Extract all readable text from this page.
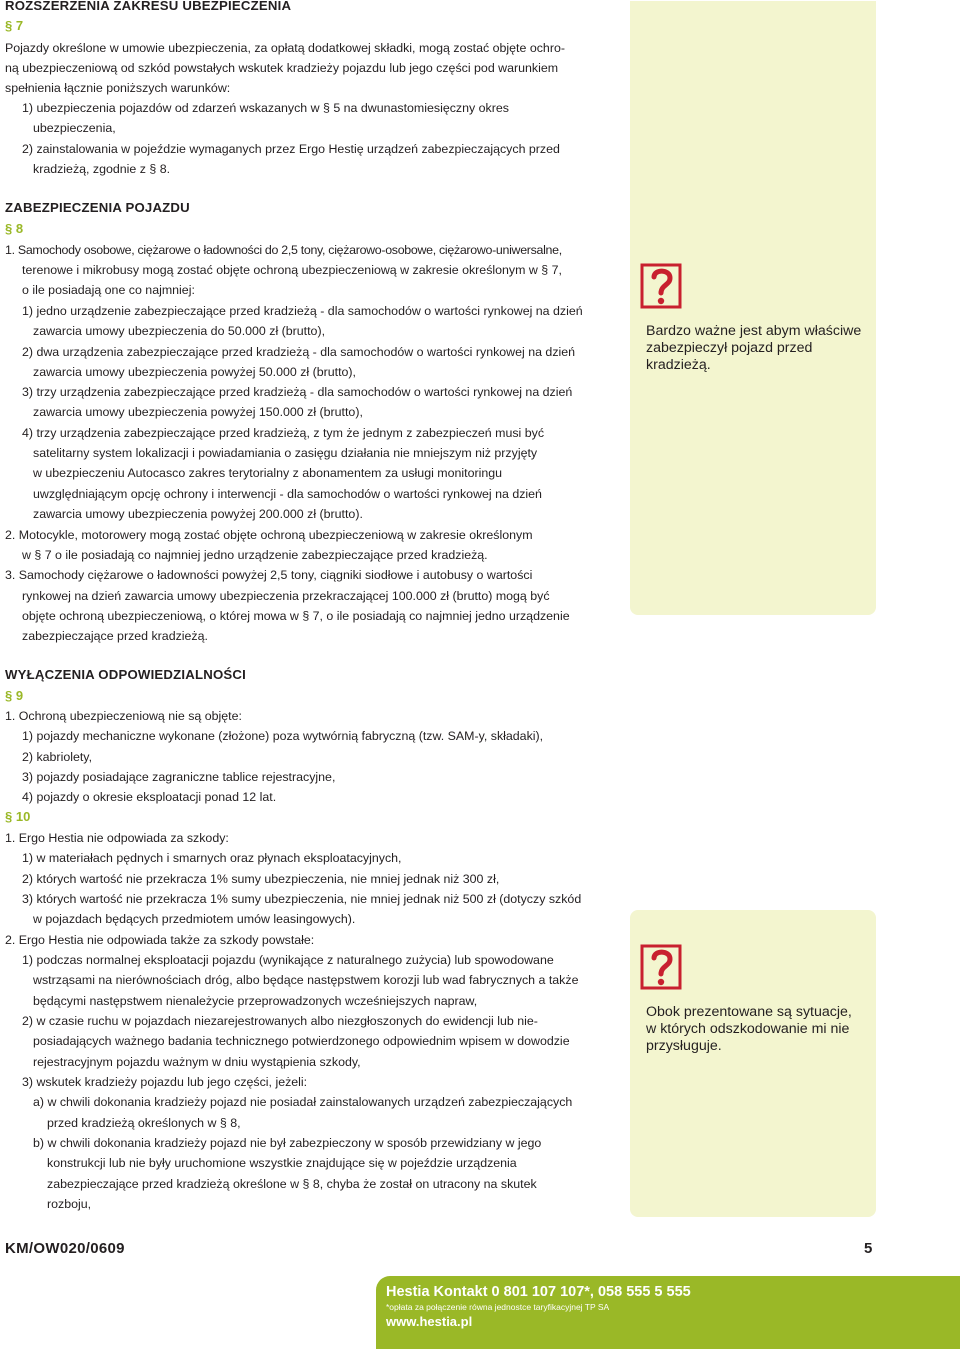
Bardzo ważne jest abym właściwe zabezpieczył pojazd przed kradzieżą.
Obok prezentowane są sytuacje, w których odszkodowanie mi nie przysługuje.
ROZSZERZENIA ZAKRESU UBEZPIECZENIA
§ 7
Pojazdy określone w umowie ubezpieczenia, za opłatą dodatkowej składki, mogą zostać objęte ochro-
ną ubezpieczeniową od szkód powstałych wskutek kradzieży pojazdu lub jego części pod warunkiem
spełnienia łącznie poniższych warunków:
1) ubezpieczenia pojazdów od zdarzeń wskazanych w § 5 na dwunastomiesięczny okres
ubezpieczenia,
2) zainstalowania w pojeździe wymaganych przez Ergo Hestię urządzeń zabezpieczających przed
kradzieżą, zgodnie z § 8.
ZABEZPIECZENIA POJAZDU
§ 8
1. Samochody osobowe, ciężarowe o ładowności do 2,5 tony, ciężarowo-osobowe, ciężarowo-uniwersalne,
terenowe i mikrobusy mogą zostać objęte ochroną ubezpieczeniową w zakresie określonym w § 7,
o ile posiadają one co najmniej:
1) jedno urządzenie zabezpieczające przed kradzieżą - dla samochodów o wartości rynkowej na dzień
zawarcia umowy ubezpieczenia do 50.000 zł (brutto),
2) dwa urządzenia zabezpieczające przed kradzieżą - dla samochodów o wartości rynkowej na dzień
zawarcia umowy ubezpieczenia powyżej 50.000 zł (brutto),
3) trzy urządzenia zabezpieczające przed kradzieżą - dla samochodów o wartości rynkowej na dzień
zawarcia umowy ubezpieczenia powyżej 150.000 zł (brutto),
4) trzy urządzenia zabezpieczające przed kradzieżą, z tym że jednym z zabezpieczeń musi być
satelitarny system lokalizacji i powiadamiania o zasięgu działania nie mniejszym niż przyjęty
w ubezpieczeniu Autocasco zakres terytorialny z abonamentem za usługi monitoringu
uwzględniającym opcję ochrony i interwencji - dla samochodów o wartości rynkowej na dzień
zawarcia umowy ubezpieczenia powyżej 200.000 zł (brutto).
2. Motocykle, motorowery mogą zostać objęte ochroną ubezpieczeniową w zakresie określonym
w § 7 o ile posiadają co najmniej jedno urządzenie zabezpieczające przed kradzieżą.
3. Samochody ciężarowe o ładowności powyżej 2,5 tony, ciągniki siodłowe i autobusy o wartości
rynkowej na dzień zawarcia umowy ubezpieczenia przekraczającej 100.000 zł (brutto) mogą być
objęte ochroną ubezpieczeniową, o której mowa w § 7, o ile posiadają co najmniej jedno urządzenie
zabezpieczające przed kradzieżą.
WYŁĄCZENIA ODPOWIEDZIALNOŚCI
§ 9
1. Ochroną ubezpieczeniową nie są objęte:
1) pojazdy mechaniczne wykonane (złożone) poza wytwórnią fabryczną (tzw. SAM-y, składaki),
2) kabriolety,
3) pojazdy posiadające zagraniczne tablice rejestracyjne,
4) pojazdy o okresie eksploatacji ponad 12 lat.
§ 10
1. Ergo Hestia nie odpowiada za szkody:
1) w materiałach pędnych i smarnych oraz płynach eksploatacyjnych,
2) których wartość nie przekracza 1% sumy ubezpieczenia, nie mniej jednak niż 300 zł,
3) których wartość nie przekracza 1% sumy ubezpieczenia, nie mniej jednak niż 500 zł (dotyczy szkód
w pojazdach będących przedmiotem umów leasingowych).
2. Ergo Hestia nie odpowiada także za szkody powstałe:
1) podczas normalnej eksploatacji pojazdu (wynikające z naturalnego zużycia) lub spowodowane
wstrząsami na nierównościach dróg, albo będące następstwem korozji lub wad fabrycznych a także
będącymi następstwem nienależycie przeprowadzonych wcześniejszych napraw,
2) w czasie ruchu w pojazdach niezarejestrowanych albo niezgłoszonych do ewidencji lub nie-
posiadających ważnego badania technicznego potwierdzonego odpowiednim wpisem w dowodzie
rejestracyjnym pojazdu ważnym w dniu wystąpienia szkody,
3) wskutek kradzieży pojazdu lub jego części, jeżeli:
a) w chwili dokonania kradzieży pojazd nie posiadał zainstalowanych urządzeń zabezpieczających
przed kradzieżą określonych w § 8,
b) w chwili dokonania kradzieży pojazd nie był zabezpieczony w sposób przewidziany w jego
konstrukcji lub nie były uruchomione wszystkie znajdujące się w pojeździe urządzenia
zabezpieczające przed kradzieżą określone w § 8, chyba że został on utracony na skutek
rozboju,
KM/OW020/0609	5
Hestia Kontakt 0 801 107 107*, 058 555 5 555
*opłata za połączenie równa jednostce taryfikacyjnej TP SA
www.hestia.pl
